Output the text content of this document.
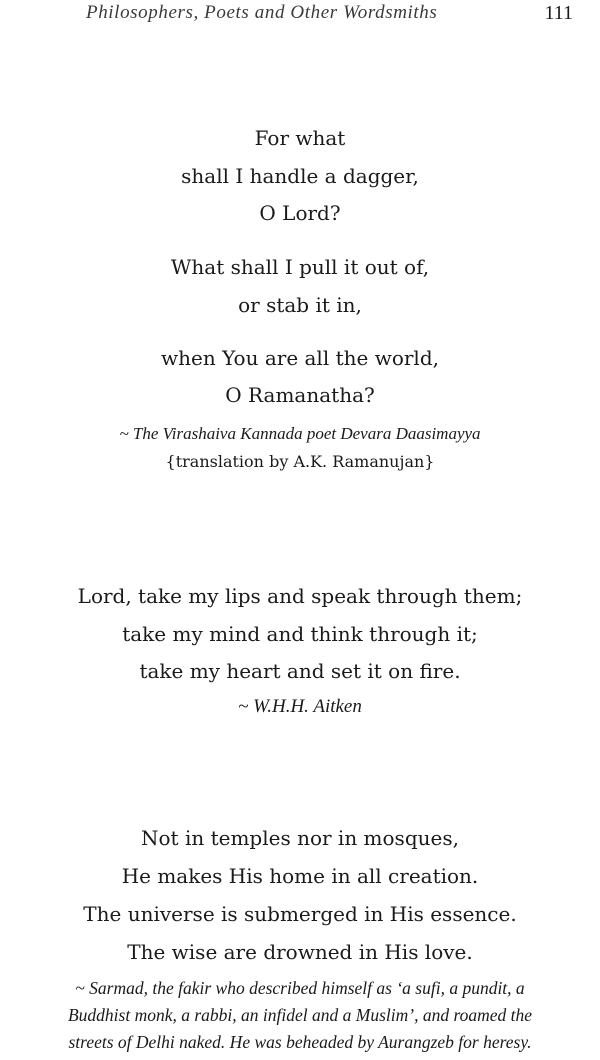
Philosophers, Poets and Other Wordsmiths	111
For what
shall I handle a dagger,
O Lord?
What shall I pull it out of,
or stab it in,
when You are all the world,
O Ramanatha?
~ The Virashaiva Kannada poet Devara Daasimayya
{translation by A.K. Ramanujan}
Lord, take my lips and speak through them;
take my mind and think through it;
take my heart and set it on fire.
~ W.H.H. Aitken
Not in temples nor in mosques,
He makes His home in all creation.
The universe is submerged in His essence.
The wise are drowned in His love.
~ Sarmad, the fakir who described himself as ‘a sufi, a pundit, a
Buddhist monk, a rabbi, an infidel and a Muslim’, and roamed the
streets of Delhi naked. He was beheaded by Aurangzeb for heresy.
